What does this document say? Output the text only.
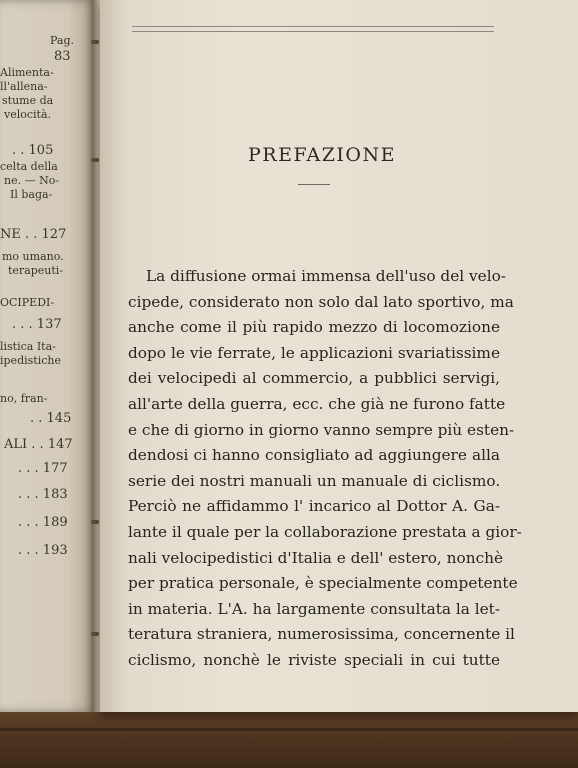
Pag.
83
Alimenta-
ll'allena-
stume da
velocità.
. . 105
celta della
ne. — No-
Il baga-
NE . . 127
mo umano.
terapeuti-
OCIPEDI-
. . . 137
listica Ita-
ipedistiche
no, fran-
. . 145
ALI . . 147
. . . 177
. . . 183
. . . 189
. . . 193
PREFAZIONE
La diffusione ormai immensa dell'uso del velo-
cipede, considerato non solo dal lato sportivo, ma
anche come il più rapido mezzo di locomozione
dopo le vie ferrate, le applicazioni svariatissime
dei velocipedi al commercio, a pubblici servigi,
all'arte della guerra, ecc. che già ne furono fatte
e che di giorno in giorno vanno sempre più esten-
dendosi ci hanno consigliato ad aggiungere alla
serie dei nostri manuali un manuale di ciclismo.
Perciò ne affidammo l' incarico al Dottor A. Ga-
lante il quale per la collaborazione prestata a gior-
nali velocipedistici d'Italia e dell' estero, nonchè
per pratica personale, è specialmente competente
in materia. L'A. ha largamente consultata la let-
teratura straniera, numerosissima, concernente il
ciclismo, nonchè le riviste speciali in cui tutte
